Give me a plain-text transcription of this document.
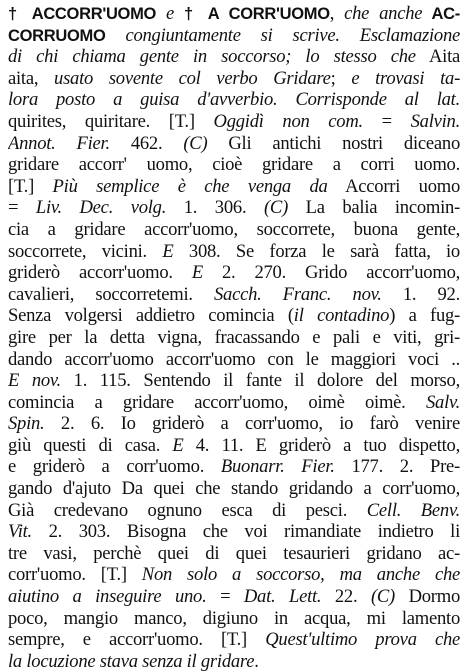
† ACCORR'UOMO e † A CORR'UOMO, che anche AC-
CORRUOMO congiuntamente si scrive. Esclamazione
di chi chiama gente in soccorso; lo stesso che Aita
aita, usato sovente col verbo Gridare; e trovasi ta-
lora posto a guisa d'avverbio. Corrisponde al lat.
quirites, quiritare. [T.] Oggidì non com. = Salvin.
Annot. Fier. 462. (C) Gli antichi nostri diceano
gridare accorr' uomo, cioè gridare a corri uomo.
[T.] Più semplice è che venga da Accorri uomo
= Liv. Dec. volg. 1. 306. (C) La balia incomin-
cia a gridare accorr'uomo, soccorrete, buona gente,
soccorrete, vicini. E 308. Se forza le sarà fatta, io
griderò accorr'uomo. E 2. 270. Grido accorr'uomo,
cavalieri, soccorretemi. Sacch. Franc. nov. 1. 92.
Senza volgersi addietro comincia (il contadino) a fug-
gire per la detta vigna, fracassando e pali e viti, gri-
dando accorr'uomo accorr'uomo con le maggiori voci ..
E nov. 1. 115. Sentendo il fante il dolore del morso,
comincia a gridare accorr'uomo, oimè oimè. Salv.
Spin. 2. 6. Io griderò a corr'uomo, io farò venire
giù questi di casa. E 4. 11. E griderò a tuo dispetto,
e griderò a corr'uomo. Buonarr. Fier. 177. 2. Pre-
gando d'ajuto Da quei che stando gridando a corr'uomo,
Già credevano ognuno esca di pesci. Cell. Benv.
Vit. 2. 303. Bisogna che voi rimandiate indietro li
tre vasi, perchè quei di quei tesaurieri gridano ac-
corr'uomo. [T.] Non solo a soccorso, ma anche che
aiutino a inseguire uno. = Dat. Lett. 22. (C) Dormo
poco, mangio manco, digiuno in acqua, mi lamento
sempre, e accorr'uomo. [T.] Quest'ultimo prova che
la locuzione stava senza il gridare.
